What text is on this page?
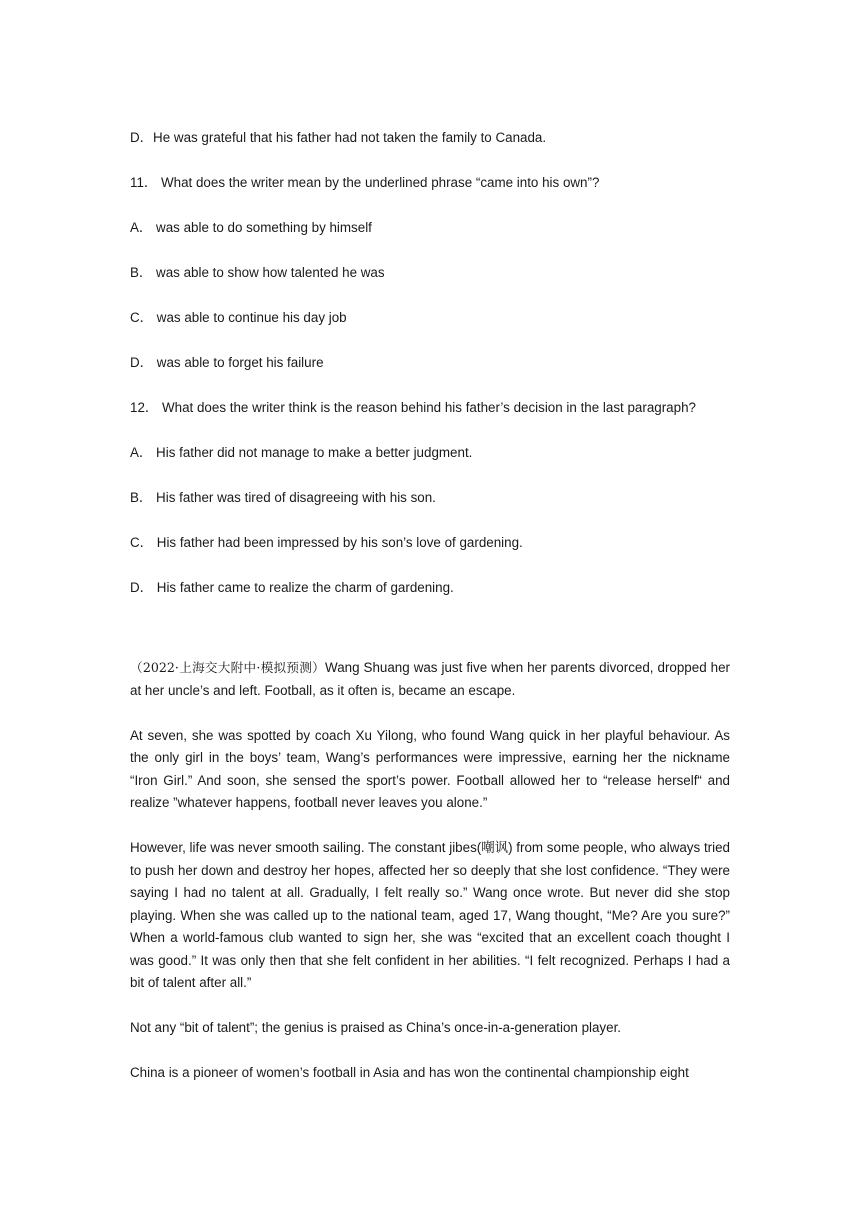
D．He was grateful that his father had not taken the family to Canada.

11． What does the writer mean by the underlined phrase “came into his own”?

A． was able to do something by himself

B． was able to show how talented he was

C． was able to continue his day job

D． was able to forget his failure

12． What does the writer think is the reason behind his father’s decision in the last paragraph?

A． His father did not manage to make a better judgment.

B． His father was tired of disagreeing with his son.

C． His father had been impressed by his son’s love of gardening.

D． His father came to realize the charm of gardening.

（2022·上海交大附中·模拟预测）Wang Shuang was just five when her parents divorced, dropped her at her uncle’s and left. Football, as it often is, became an escape.

At seven, she was spotted by coach Xu Yilong, who found Wang quick in her playful behaviour. As the only girl in the boys’ team, Wang’s performances were impressive, earning her the nickname “Iron Girl.” And soon, she sensed the sport’s power. Football allowed her to “release herself“ and realize ”whatever happens, football never leaves you alone.”

However, life was never smooth sailing. The constant jibes(嘲讽) from some people, who always tried to push her down and destroy her hopes, affected her so deeply that she lost confidence. “They were saying I had no talent at all. Gradually, I felt really so.” Wang once wrote. But never did she stop playing. When she was called up to the national team, aged 17, Wang thought, “Me? Are you sure?” When a world-famous club wanted to sign her, she was “excited that an excellent coach thought I was good.” It was only then that she felt confident in her abilities. “I felt recognized. Perhaps I had a bit of talent after all.”

Not any “bit of talent”; the genius is praised as China’s once-in-a-generation player.

China is a pioneer of women’s football in Asia and has won the continental championship eight
